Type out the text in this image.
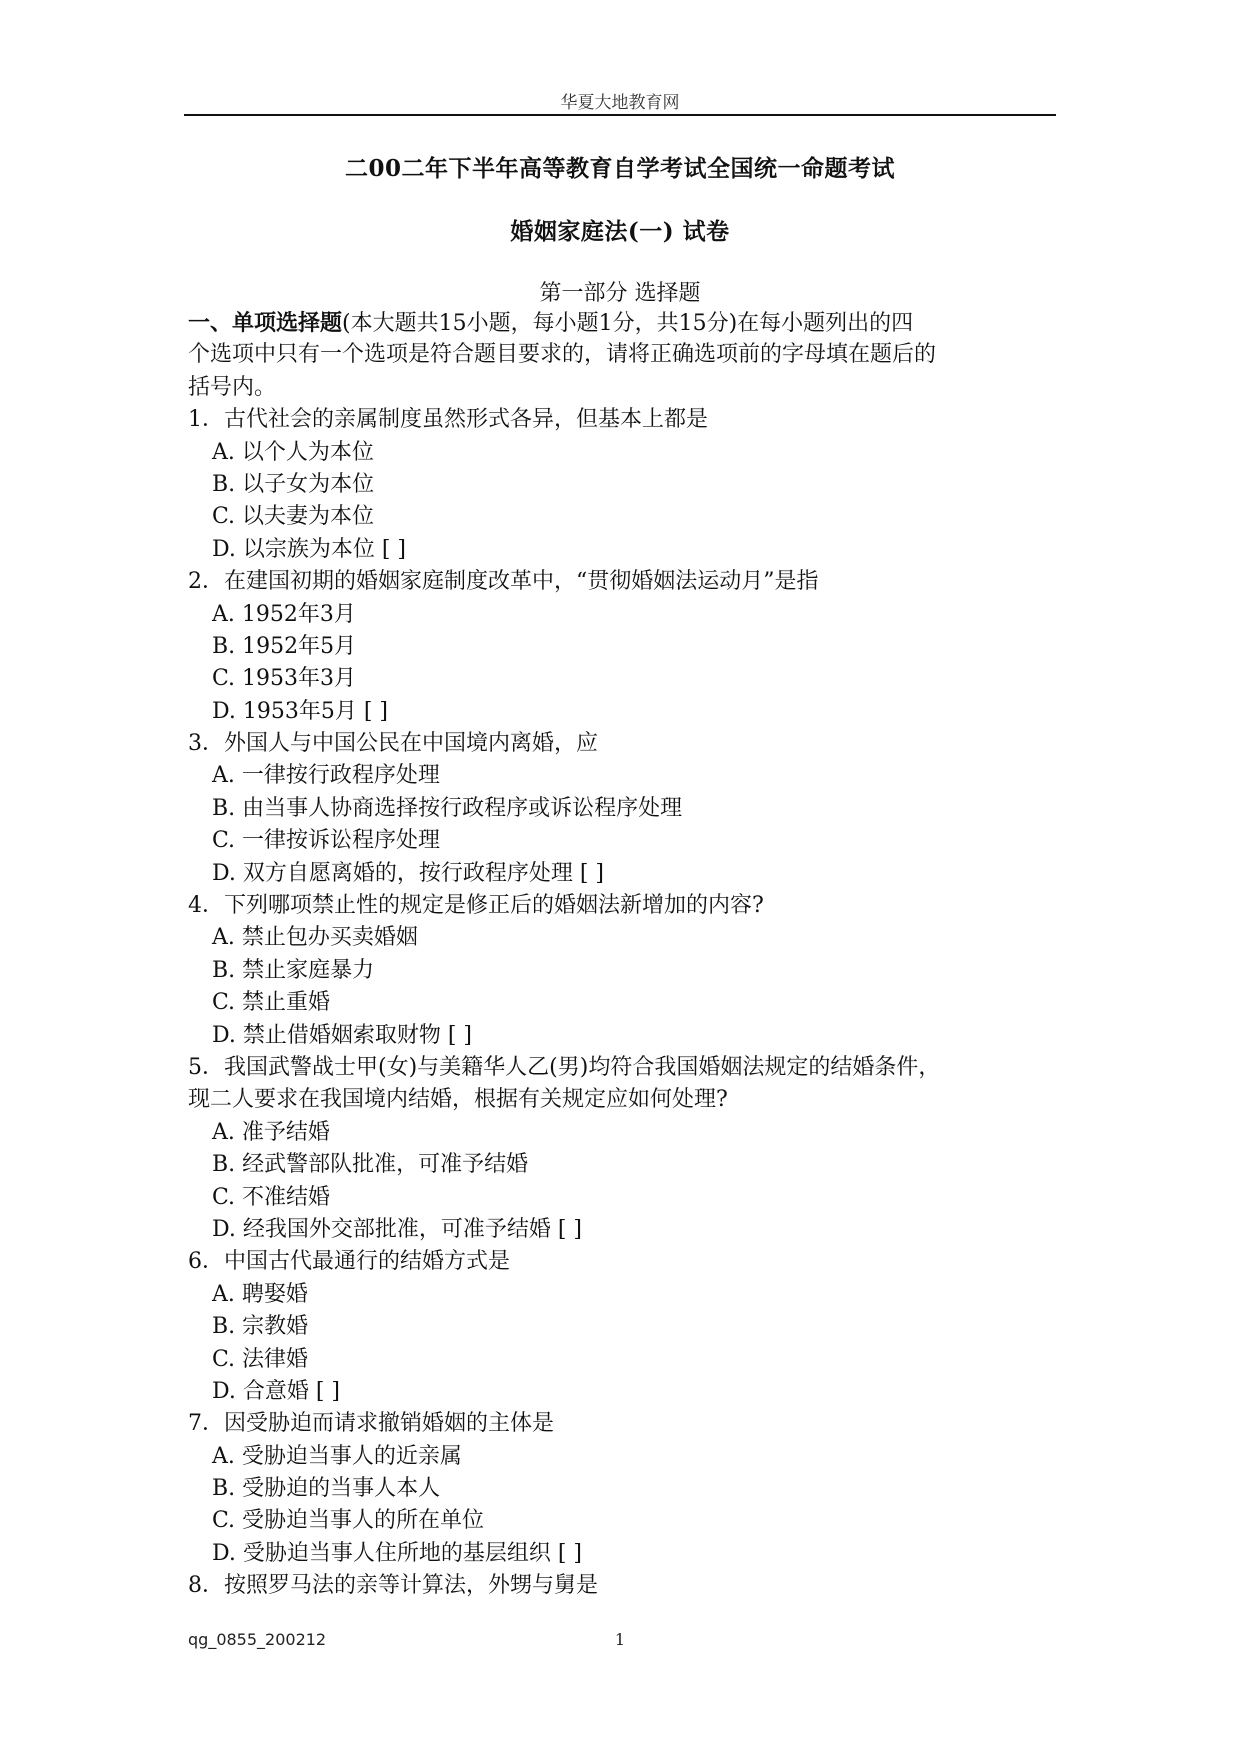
华夏大地教育网
二00二年下半年高等教育自学考试全国统一命题考试
婚姻家庭法(一) 试卷
第一部分 选择题
一、单项选择题(本大题共15小题，每小题1分，共15分)在每小题列出的四
个选项中只有一个选项是符合题目要求的，请将正确选项前的字母填在题后的
括号内。
1．古代社会的亲属制度虽然形式各异，但基本上都是
A. 以个人为本位
B. 以子女为本位
C. 以夫妻为本位
D. 以宗族为本位 [ ]
2．在建国初期的婚姻家庭制度改革中，“贯彻婚姻法运动月”是指
A. 1952年3月
B. 1952年5月
C. 1953年3月
D. 1953年5月 [ ]
3．外国人与中国公民在中国境内离婚，应
A. 一律按行政程序处理
B. 由当事人协商选择按行政程序或诉讼程序处理
C. 一律按诉讼程序处理
D. 双方自愿离婚的，按行政程序处理 [ ]
4．下列哪项禁止性的规定是修正后的婚姻法新增加的内容?
A. 禁止包办买卖婚姻
B. 禁止家庭暴力
C. 禁止重婚
D. 禁止借婚姻索取财物 [ ]
5．我国武警战士甲(女)与美籍华人乙(男)均符合我国婚姻法规定的结婚条件，
现二人要求在我国境内结婚，根据有关规定应如何处理?
A. 准予结婚
B. 经武警部队批准，可准予结婚
C. 不准结婚
D. 经我国外交部批准，可准予结婚 [ ]
6．中国古代最通行的结婚方式是
A. 聘娶婚
B. 宗教婚
C. 法律婚
D. 合意婚 [ ]
7．因受胁迫而请求撤销婚姻的主体是
A. 受胁迫当事人的近亲属
B. 受胁迫的当事人本人
C. 受胁迫当事人的所在单位
D. 受胁迫当事人住所地的基层组织 [ ]
8．按照罗马法的亲等计算法，外甥与舅是
qg_0855_200212	1
